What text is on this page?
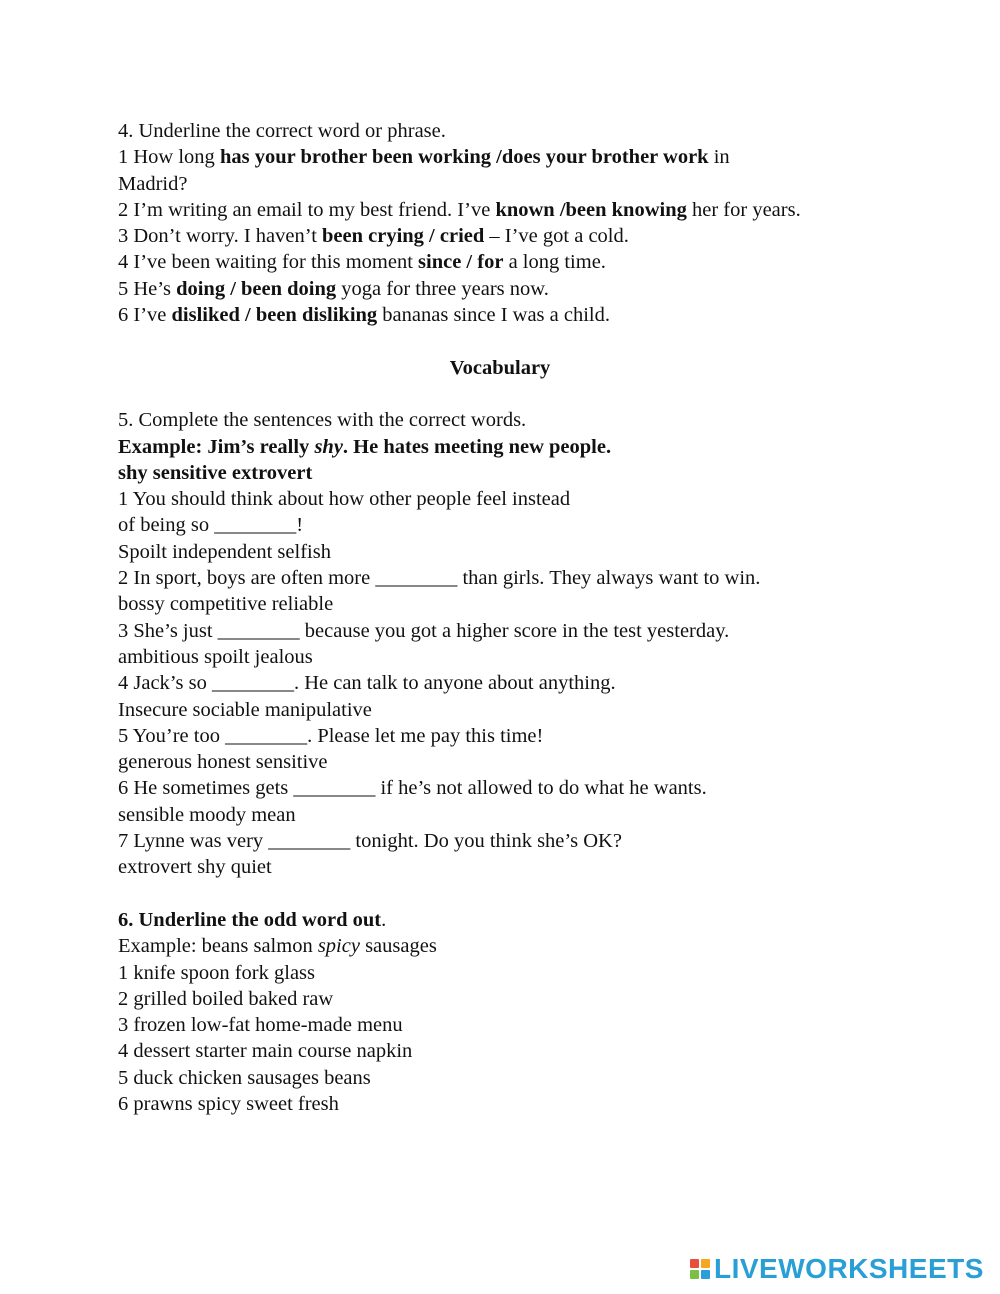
4. Underline the correct word or phrase.

1 How long has your brother been working /does your brother work in

Madrid?

2 I’m writing an email to my best friend. I’ve known /been knowing her for years.

3 Don’t worry. I haven’t been crying / cried – I’ve got a cold.

4 I’ve been waiting for this moment since / for a long time.

5 He’s doing / been doing yoga for three years now.

6 I’ve disliked / been disliking bananas since I was a child.

Vocabulary

5. Complete the sentences with the correct words.

Example: Jim’s really shy. He hates meeting new people.

shy sensitive extrovert

1 You should think about how other people feel instead

of being so ________!

Spoilt independent selfish

2 In sport, boys are often more ________ than girls. They always want to win.

bossy competitive reliable

3 She’s just ________ because you got a higher score in the test yesterday.

ambitious spoilt jealous

4 Jack’s so ________. He can talk to anyone about anything.

Insecure sociable manipulative

5 You’re too ________. Please let me pay this time!

generous honest sensitive

6 He sometimes gets ________ if he’s not allowed to do what he wants.

sensible moody mean

7 Lynne was very ________ tonight. Do you think she’s OK?

extrovert shy quiet

6. Underline the odd word out.

Example: beans salmon spicy sausages

1 knife spoon fork glass

2 grilled boiled baked raw

3 frozen low-fat home-made menu

4 dessert starter main course napkin

5 duck chicken sausages beans

6 prawns spicy sweet fresh

LIVEWORKSHEETS
